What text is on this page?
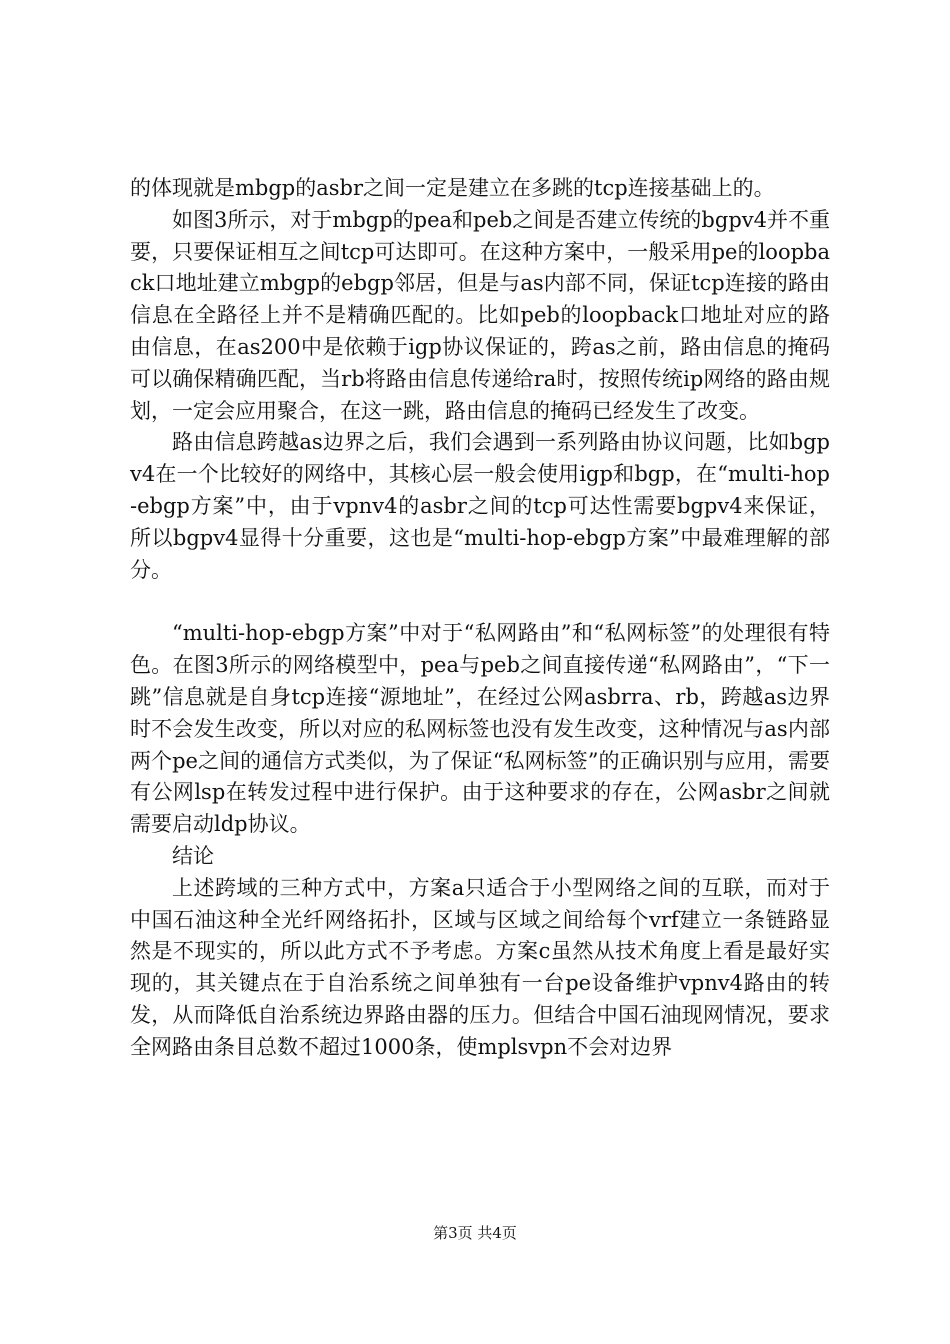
的体现就是mbgp的asbr之间一定是建立在多跳的tcp连接基础上的。

如图3所示，对于mbgp的pea和peb之间是否建立传统的bgpv4并不重要，只要保证相互之间tcp可达即可。在这种方案中，一般采用pe的loopback口地址建立mbgp的ebgp邻居，但是与as内部不同，保证tcp连接的路由信息在全路径上并不是精确匹配的。比如peb的loopback口地址对应的路由信息，在as200中是依赖于igp协议保证的，跨as之前，路由信息的掩码可以确保精确匹配，当rb将路由信息传递给ra时，按照传统ip网络的路由规划，一定会应用聚合，在这一跳，路由信息的掩码已经发生了改变。

路由信息跨越as边界之后，我们会遇到一系列路由协议问题，比如bgpv4在一个比较好的网络中，其核心层一般会使用igp和bgp，在“multi-hop-ebgp方案”中，由于vpnv4的asbr之间的tcp可达性需要bgpv4来保证，所以bgpv4显得十分重要，这也是“multi-hop-ebgp方案”中最难理解的部分。

“multi-hop-ebgp方案”中对于“私网路由”和“私网标签”的处理很有特色。在图3所示的网络模型中，pea与peb之间直接传递“私网路由”，“下一跳”信息就是自身tcp连接“源地址”，在经过公网asbrra、rb，跨越as边界时不会发生改变，所以对应的私网标签也没有发生改变，这种情况与as内部两个pe之间的通信方式类似，为了保证“私网标签”的正确识别与应用，需要有公网lsp在转发过程中进行保护。由于这种要求的存在，公网asbr之间就需要启动ldp协议。

结论

上述跨域的三种方式中，方案a只适合于小型网络之间的互联，而对于中国石油这种全光纤网络拓扑，区域与区域之间给每个vrf建立一条链路显然是不现实的，所以此方式不予考虑。方案c虽然从技术角度上看是最好实现的，其关键点在于自治系统之间单独有一台pe设备维护vpnv4路由的转发，从而降低自治系统边界路由器的压力。但结合中国石油现网情况，要求全网路由条目总数不超过1000条，使mplsvpn不会对边界

第3页 共4页
